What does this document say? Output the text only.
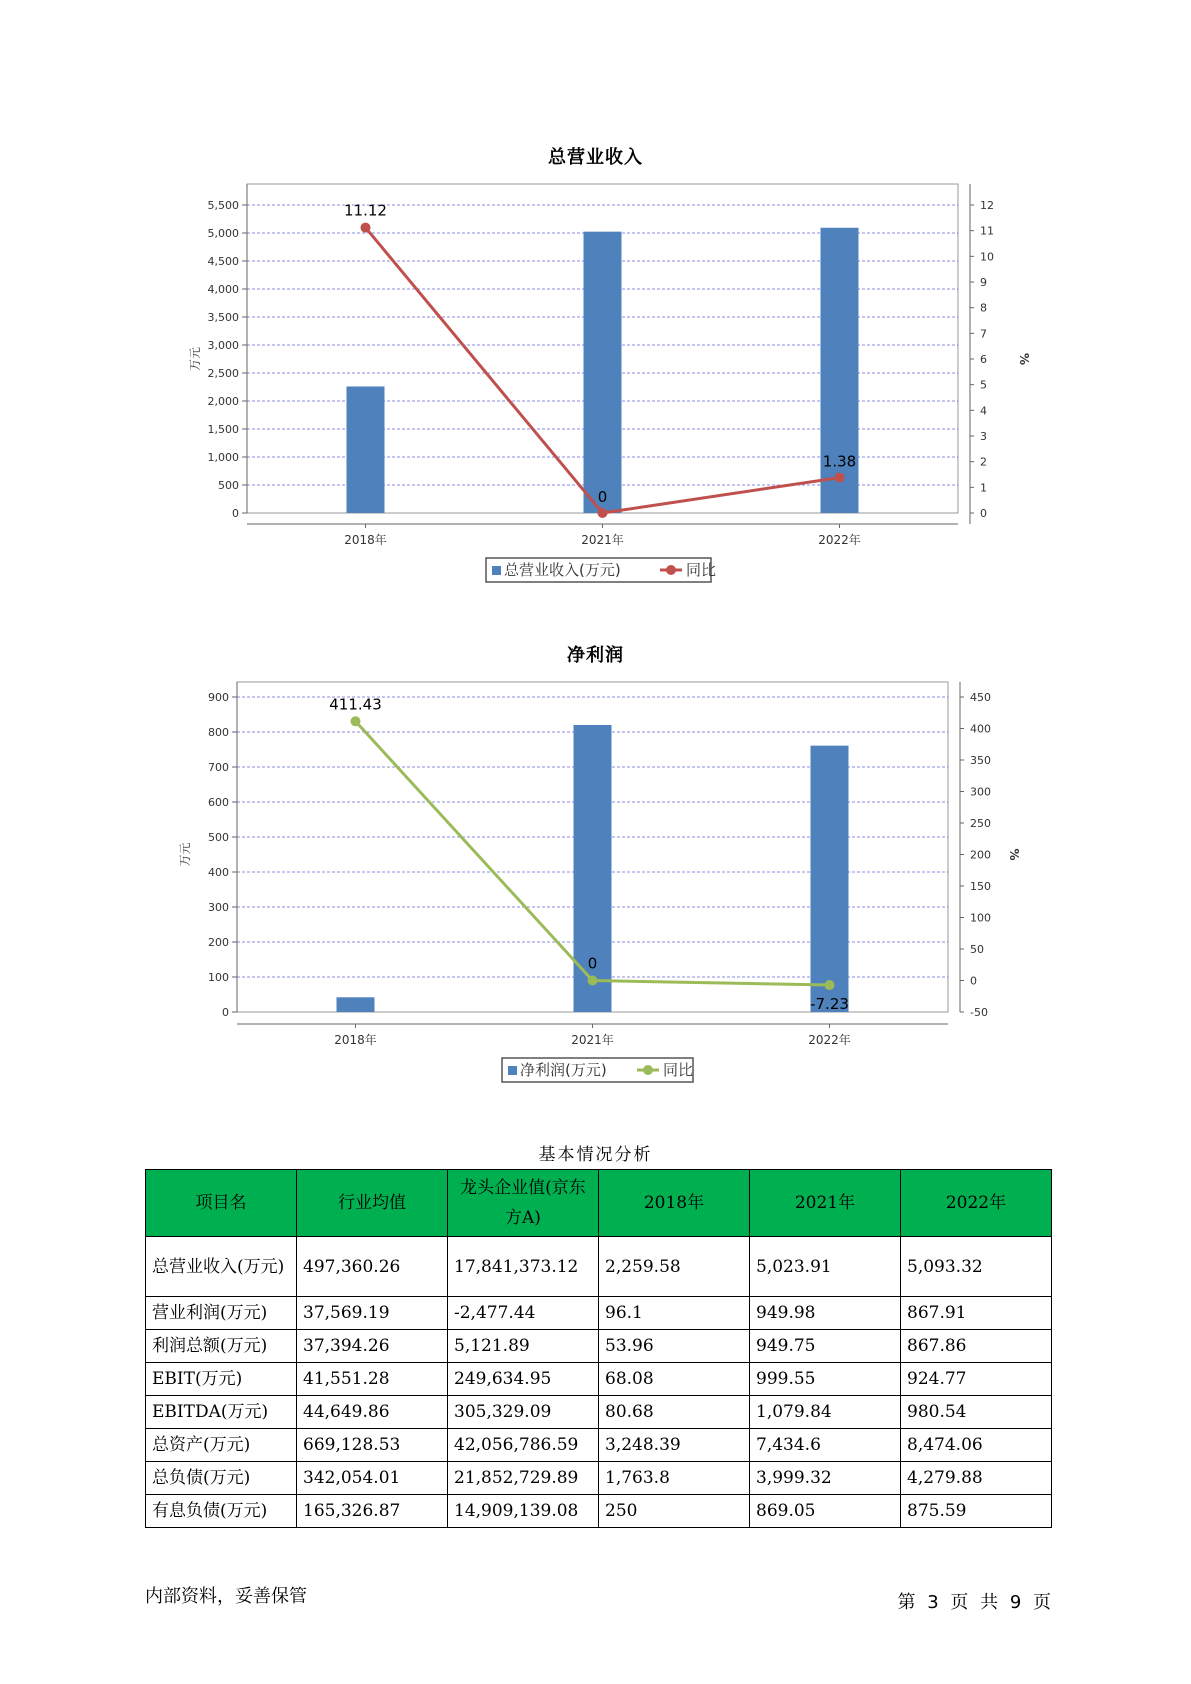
总营业收入
0
500
1,000
1,500
2,000
2,500
3,000
3,500
4,000
4,500
5,000
5,500
0
1
2
3
4
5
6
7
8
9
10
11
12
万元	%
2018年	2021年	2022年
11.12
0
1.38
总营业收入(万元)	同比
净利润
0
100
200
300
400
500
600
700
800
900
-50
0
50
100
150
200
250
300
350
400
450
万元	%
2018年	2021年	2022年
411.43
0
-7.23
净利润(万元)	同比
基本情况分析
项目名	行业均值	龙头企业值(京东方A)	2018年	2021年	2022年
总营业收入(万元)	497,360.26	17,841,373.12	2,259.58	5,023.91	5,093.32
营业利润(万元)	37,569.19	-2,477.44	96.1	949.98	867.91
利润总额(万元)	37,394.26	5,121.89	53.96	949.75	867.86
EBIT(万元)	41,551.28	249,634.95	68.08	999.55	924.77
EBITDA(万元)	44,649.86	305,329.09	80.68	1,079.84	980.54
总资产(万元)	669,128.53	42,056,786.59	3,248.39	7,434.6	8,474.06
总负债(万元)	342,054.01	21,852,729.89	1,763.8	3,999.32	4,279.88
有息负债(万元)	165,326.87	14,909,139.08	250	869.05	875.59
内部资料，妥善保管	第 3 页 共 9 页
